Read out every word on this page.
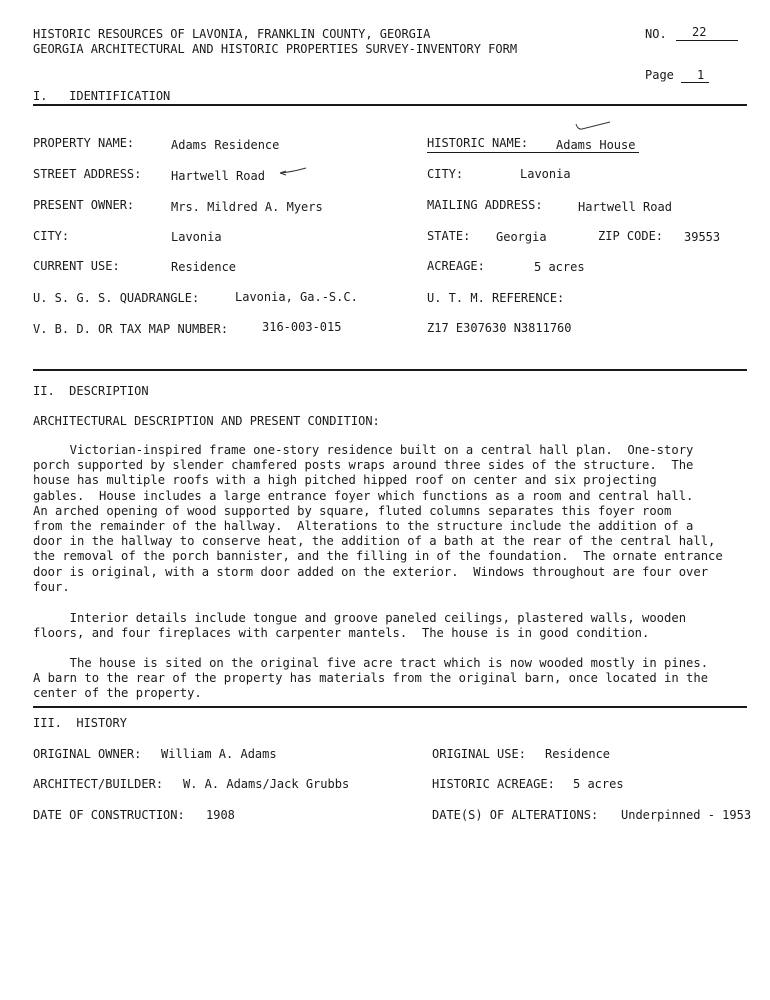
HISTORIC RESOURCES OF LAVONIA, FRANKLIN COUNTY, GEORGIA
GEORGIA ARCHITECTURAL AND HISTORIC PROPERTIES SURVEY-INVENTORY FORM
NO. 22
Page 1
I.   IDENTIFICATION
PROPERTY NAME:	Adams Residence	HISTORIC NAME: Adams House
STREET ADDRESS: Hartwell Road	CITY:	Lavonia
PRESENT OWNER:	Mrs. Mildred A. Myers	MAILING ADDRESS:	Hartwell Road
CITY:	Lavonia	STATE: Georgia	ZIP CODE: 39553
CURRENT USE:	Residence	ACREAGE:	5 acres
U. S. G. S. QUADRANGLE:	Lavonia, Ga.-S.C.	U. T. M. REFERENCE:
V. B. D. OR TAX MAP NUMBER:	316-003-015	Z17 E307630 N3811760
II.  DESCRIPTION
ARCHITECTURAL DESCRIPTION AND PRESENT CONDITION:
Victorian-inspired frame one-story residence built on a central hall plan.  One-story
porch supported by slender chamfered posts wraps around three sides of the structure.  The
house has multiple roofs with a high pitched hipped roof on center and six projecting
gables.  House includes a large entrance foyer which functions as a room and central hall.
An arched opening of wood supported by square, fluted columns separates this foyer room
from the remainder of the hallway.  Alterations to the structure include the addition of a
door in the hallway to conserve heat, the addition of a bath at the rear of the central hall,
the removal of the porch bannister, and the filling in of the foundation.  The ornate entrance
door is original, with a storm door added on the exterior.  Windows throughout are four over
four.
Interior details include tongue and groove paneled ceilings, plastered walls, wooden
floors, and four fireplaces with carpenter mantels.  The house is in good condition.
The house is sited on the original five acre tract which is now wooded mostly in pines.
A barn to the rear of the property has materials from the original barn, once located in the
center of the property.
III.  HISTORY
ORIGINAL OWNER: William A. Adams	ORIGINAL USE: Residence
ARCHITECT/BUILDER: W. A. Adams/Jack Grubbs	HISTORIC ACREAGE: 5 acres
DATE OF CONSTRUCTION: 1908	DATE(S) OF ALTERATIONS: Underpinned - 1953
